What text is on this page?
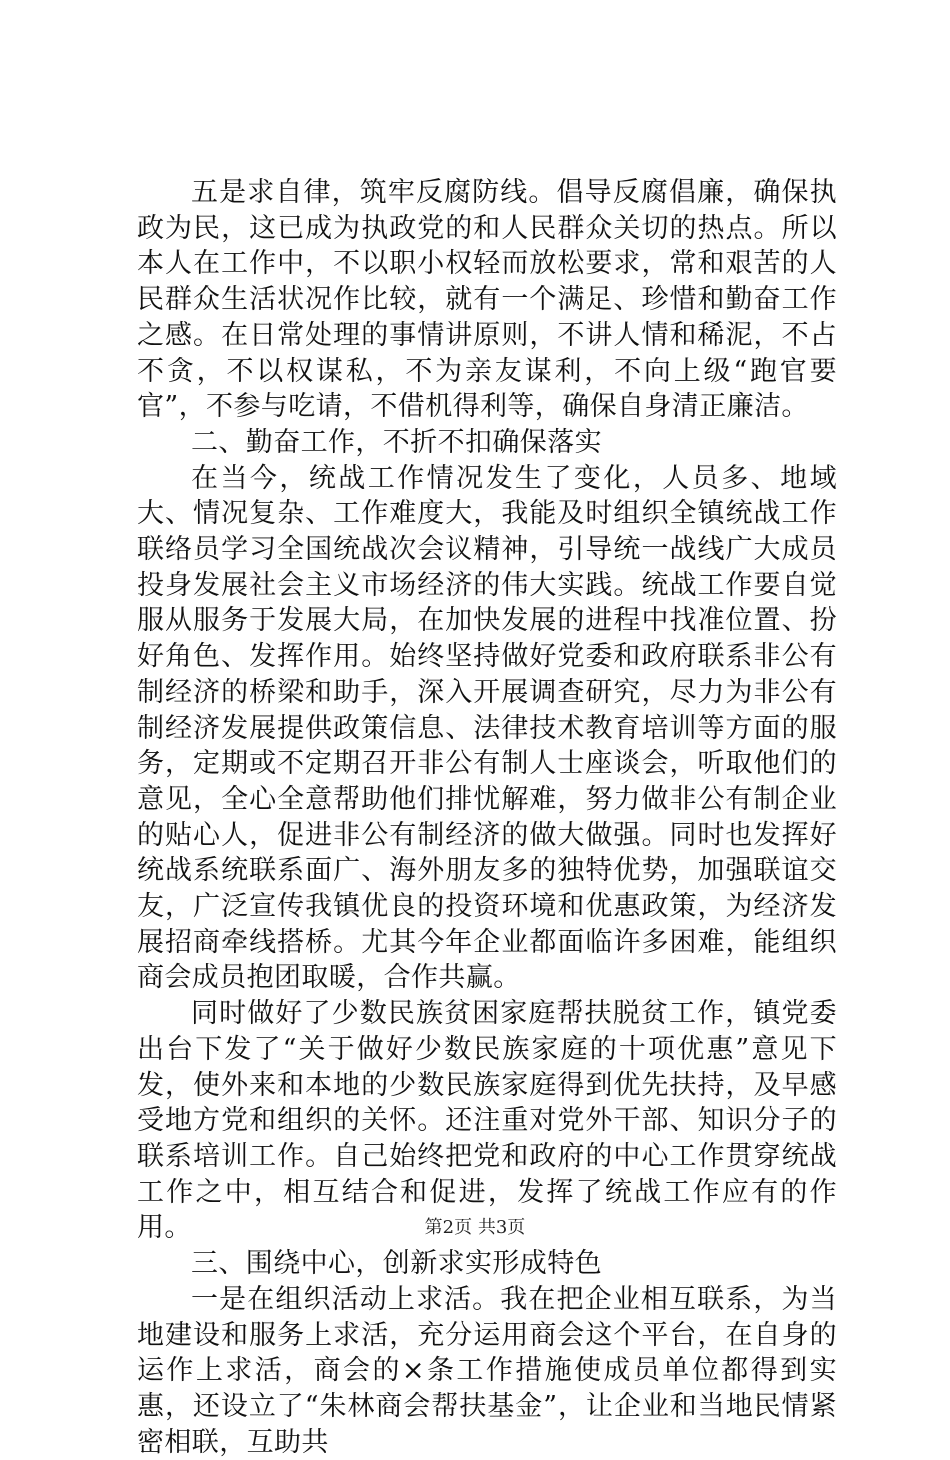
五是求自律，筑牢反腐防线。倡导反腐倡廉，确保执政为民，这已成为执政党的和人民群众关切的热点。所以本人在工作中，不以职小权轻而放松要求，常和艰苦的人民群众生活状况作比较，就有一个满足、珍惜和勤奋工作之感。在日常处理的事情讲原则，不讲人情和稀泥，不占不贪，不以权谋私，不为亲友谋利，不向上级“跑官要官”，不参与吃请，不借机得利等，确保自身清正廉洁。

二、勤奋工作，不折不扣确保落实

在当今，统战工作情况发生了变化，人员多、地域大、情况复杂、工作难度大，我能及时组织全镇统战工作联络员学习全国统战次会议精神，引导统一战线广大成员投身发展社会主义市场经济的伟大实践。统战工作要自觉服从服务于发展大局，在加快发展的进程中找准位置、扮好角色、发挥作用。始终坚持做好党委和政府联系非公有制经济的桥梁和助手，深入开展调查研究，尽力为非公有制经济发展提供政策信息、法律技术教育培训等方面的服务，定期或不定期召开非公有制人士座谈会，听取他们的意见，全心全意帮助他们排忧解难，努力做非公有制企业的贴心人，促进非公有制经济的做大做强。同时也发挥好统战系统联系面广、海外朋友多的独特优势，加强联谊交友，广泛宣传我镇优良的投资环境和优惠政策，为经济发展招商牵线搭桥。尤其今年企业都面临许多困难，能组织商会成员抱团取暖，合作共赢。

同时做好了少数民族贫困家庭帮扶脱贫工作，镇党委出台下发了“关于做好少数民族家庭的十项优惠”意见下发，使外来和本地的少数民族家庭得到优先扶持，及早感受地方党和组织的关怀。还注重对党外干部、知识分子的联系培训工作。自己始终把党和政府的中心工作贯穿统战工作之中，相互结合和促进，发挥了统战工作应有的作用。

三、围绕中心，创新求实形成特色

一是在组织活动上求活。我在把企业相互联系，为当地建设和服务上求活，充分运用商会这个平台，在自身的运作上求活，商会的×条工作措施使成员单位都得到实惠，还设立了“朱林商会帮扶基金”，让企业和当地民情紧密相联，互助共

第2页 共3页
